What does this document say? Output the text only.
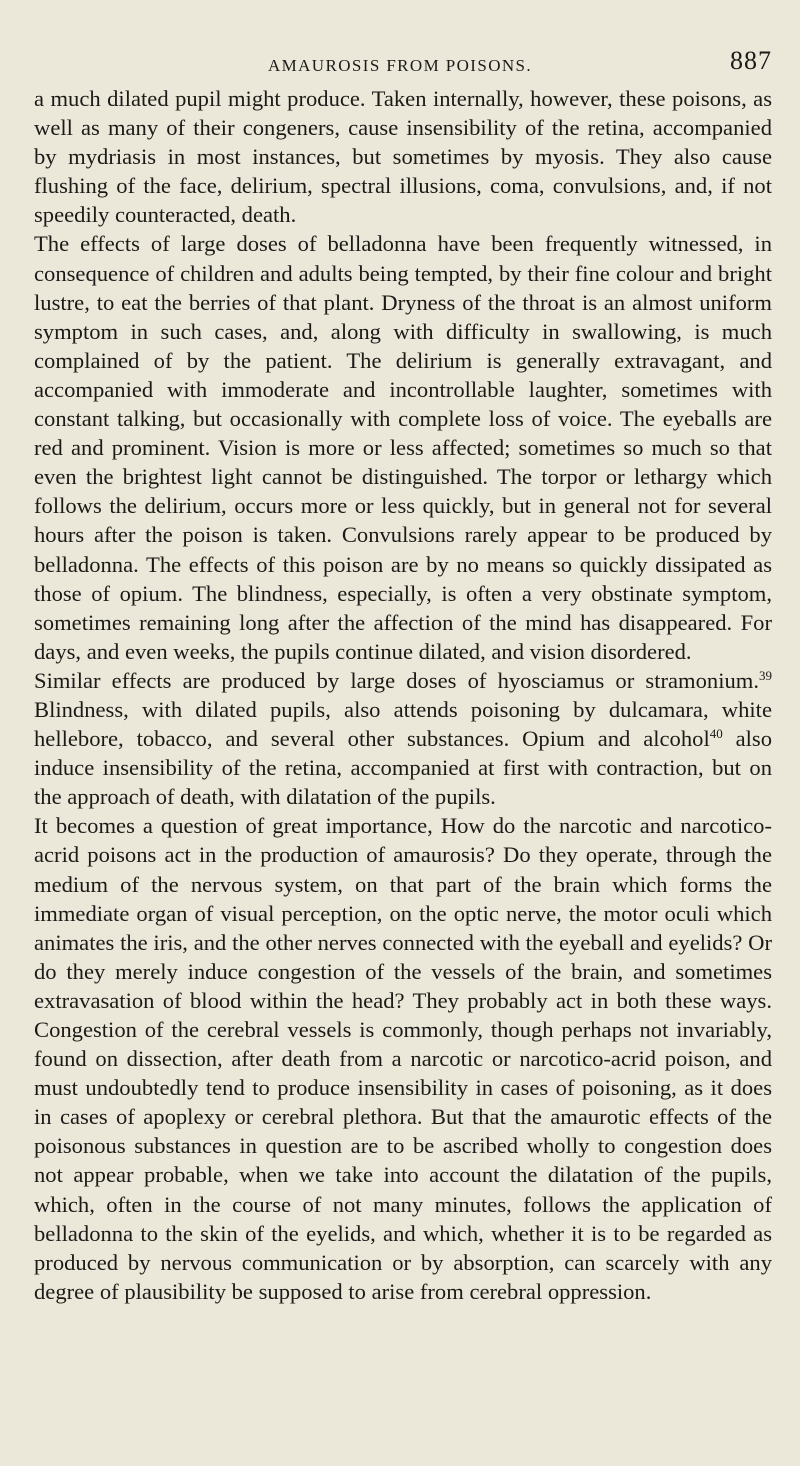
AMAUROSIS FROM POISONS.	887

a much dilated pupil might produce. Taken internally, however, these poisons, as well as many of their congeners, cause insensibility of the retina, accompanied by mydriasis in most instances, but sometimes by myosis. They also cause flushing of the face, delirium, spectral illusions, coma, convulsions, and, if not speedily counteracted, death.

The effects of large doses of belladonna have been frequently witnessed, in consequence of children and adults being tempted, by their fine colour and bright lustre, to eat the berries of that plant. Dryness of the throat is an almost uniform symptom in such cases, and, along with difficulty in swallowing, is much complained of by the patient. The delirium is generally extravagant, and accompanied with immoderate and incontrollable laughter, sometimes with constant talking, but occasionally with complete loss of voice. The eyeballs are red and prominent. Vision is more or less affected; sometimes so much so that even the brightest light cannot be distinguished. The torpor or lethargy which follows the delirium, occurs more or less quickly, but in general not for several hours after the poison is taken. Convulsions rarely appear to be produced by belladonna. The effects of this poison are by no means so quickly dissipated as those of opium. The blindness, especially, is often a very obstinate symptom, sometimes remaining long after the affection of the mind has disappeared. For days, and even weeks, the pupils continue dilated, and vision disordered.

Similar effects are produced by large doses of hyosciamus or stramonium.$^{39}$ Blindness, with dilated pupils, also attends poisoning by dulcamara, white hellebore, tobacco, and several other substances. Opium and alcohol$^{40}$ also induce insensibility of the retina, accompanied at first with contraction, but on the approach of death, with dilatation of the pupils.

It becomes a question of great importance, How do the narcotic and narcotico-acrid poisons act in the production of amaurosis? Do they operate, through the medium of the nervous system, on that part of the brain which forms the immediate organ of visual perception, on the optic nerve, the motor oculi which animates the iris, and the other nerves connected with the eyeball and eyelids? Or do they merely induce congestion of the vessels of the brain, and sometimes extravasation of blood within the head? They probably act in both these ways. Congestion of the cerebral vessels is commonly, though perhaps not invariably, found on dissection, after death from a narcotic or narcotico-acrid poison, and must undoubtedly tend to produce insensibility in cases of poisoning, as it does in cases of apoplexy or cerebral plethora. But that the amaurotic effects of the poisonous substances in question are to be ascribed wholly to congestion does not appear probable, when we take into account the dilatation of the pupils, which, often in the course of not many minutes, follows the application of belladonna to the skin of the eyelids, and which, whether it is to be regarded as produced by nervous communication or by absorption, can scarcely with any degree of plausibility be supposed to arise from cerebral oppression.
